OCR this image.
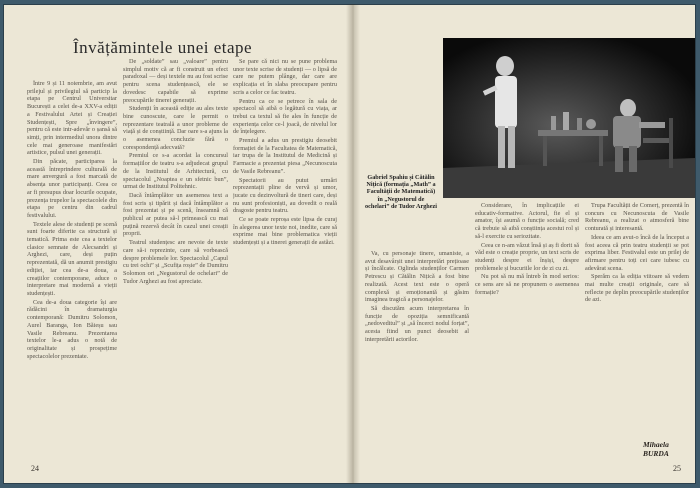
Învățămintele unei etape

Între 9 și 11 noiembrie, am avut prilejul și privilegiul să particip la etapa pe Centrul Universitar București a celei de-a XXV-a ediții a Festivalului Artei și Creației Studențești, Spre „învingere”, pentru că este intr-adevăr o șansă să simți, prin intermediul unora dintre cele mai generoase manifestări artistice, pulsul unei generații.

Din păcate, participarea la această întreprindere culturală de mare anvergură a fost marcată de absența unor participanți. Ceea ce ar fi presupus doar locurile ocupate, prezența trupelor la spectacolele din etapa pe centru din cadrul festivalului.

Textele alese de studenți pe scenă sunt foarte diferite ca structură și tematică. Prima este cea a textelor clasice semnate de Alecsandri și Arghezi, care, deși puțin reprezentată, dă un anumit prestigiu ediției, iar cea de-a doua, a creațiilor contemporane, aduce o interpretare mai modernă a vieții studențești.

Cea de-a doua categorie își are rădăcini în dramaturgia contemporană: Dumitru Solomon, Aurel Baranga, Ion Băieșu sau Vasile Rebreanu. Prezentarea textelor le-a adus o notă de originalitate și prospețime spectacolelor prezentate.

De „soldate” sau „valoare” pentru simplul motiv că ar fi construit un efect paradoxal — deși textele nu au fost scrise pentru scena studențească, ele se dovedesc capabile să exprime preocupările tinerei generații.

Studenții în această ediție au ales texte bine cunoscute, care le permit o reprezentare teatrală a unor probleme de viață și de conștiință. Dar oare s-a ajuns la o asemenea concluzie fără o corespondență adecvată?

Premiul ce s-a acordat la concursul formațiilor de teatru s-a adjudecat grupul de la Institutul de Arhitectură, cu spectacolul „Noaptea e un sfetnic bun”, urmat de Institutul Politehnic.

Dacă întâmplător un asemenea text a fost scris și tipărit și dacă întâmplător a fost prezentat și pe scenă, înseamnă că publicul ar putea să-l primească cu mai puțină rezervă decât în cazul unei creații proprii.

Teatrul studențesc are nevoie de texte care să-i reprezinte, care să vorbească despre problemele lor. Spectacolul „Capul cu trei ochi” și „Scufița roșie” de Dumitru Solomon ori „Negustorul de ochelari” de Tudor Arghezi au fost apreciate.

Se pare că nici nu se pune problema unor texte scrise de studenți — o lipsă de care ne putem plânge, dar care are explicația ei în slaba preocupare pentru scris a celor ce fac teatru.

Pentru ca ce se petrece în sala de spectacol să aibă o legătură cu viața, ar trebui ca textul să fie ales în funcție de experiența celor ce-l joacă, de nivelul lor de înțelegere.

Premiul a adus un prestigiu deosebit formației de la Facultatea de Matematică, iar trupa de la Institutul de Medicină și Farmacie a prezentat piesa „Necunoscuta de Vasile Rebreanu”.

Spectatorii au putut urmări reprezentații pline de vervă și umor, jucate cu dezinvoltură de tineri care, deși nu sunt profesioniști, au dovedit o reală dragoste pentru teatru.

Ce se poate reproșa este lipsa de curaj în alegerea unor texte noi, inedite, care să exprime mai bine problematica vieții studențești și a tinerei generații de astăzi.

24

Gabriel Spahiu și Cătălin Nițică (formația „Math” a Facultății de Matematică) în „Negustorul de ochelari” de Tudor Arghezi

Va, cu personaje tinere, umaniste, a avut desavârșit unei interpretări prețioase și încălcate. Oglinda studenților Carmen Petrescu și Cătălin Nițică a fost bine realizată. Acest text este o operă complexă și emoționantă și găsim imaginea tragică a personajelor.

Să discutăm acum interpretarea în funcție de opoziția semnificantă „nedoveditul” și „să încerci nodul forțat”, acesta fiind un punct deosebit al interpretării actorilor.

Considerare, în implicațiile ei educativ-formative. Actorul, fie el și amator, își asumă o funcție socială; cred că trebuie să aibă conștiința acestui rol și să-l exercite cu seriozitate.

Ceea ce n-am văzut însă și aș fi dorit să văd este o creație proprie, un text scris de studenți despre ei înșiși, despre problemele și bucuriile lor de zi cu zi.

Nu pot să nu mă întreb în mod serios: ce sens are să ne propunem o asemenea formație?

Trupa Facultății de Comerț, prezentă în concurs cu Necunoscuta de Vasile Rebreanu, a realizat o atmosferă bine conturată și interesantă.

Ideea ce am avut-o încă de la început a fost aceea că prin teatru studenții se pot exprima liber. Festivalul este un prilej de afirmare pentru toți cei care iubesc cu adevărat scena.

Sperăm ca la ediția viitoare să vedem mai multe creații originale, care să reflecte pe deplin preocupările studenților de azi.

Mihaela BURDA
25
